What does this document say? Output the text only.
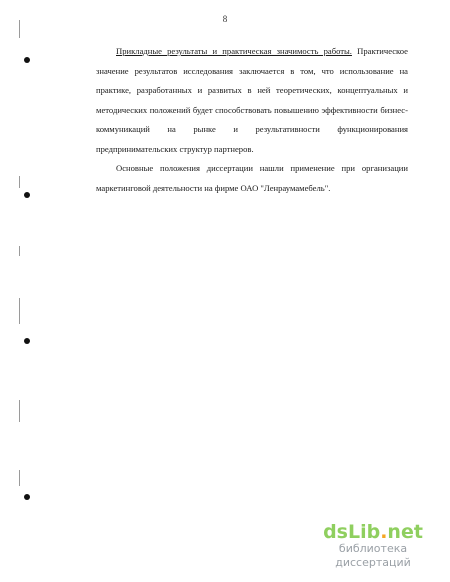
8

Прикладные результаты и практическая значимость работы. Практическое значение результатов исследования заключается в том, что использование на практике, разработанных и развитых в ней теоретических, концептуальных и методических положений будет способствовать повышению эффективности бизнес-коммуникаций на рынке и результативности функционирования предпринимательских структур партнеров.

Основные положения диссертации нашли применение при организации маркетинговой деятельности на фирме ОАО "Ленраумамебель".

dsLib.net
библиотека диссертаций
